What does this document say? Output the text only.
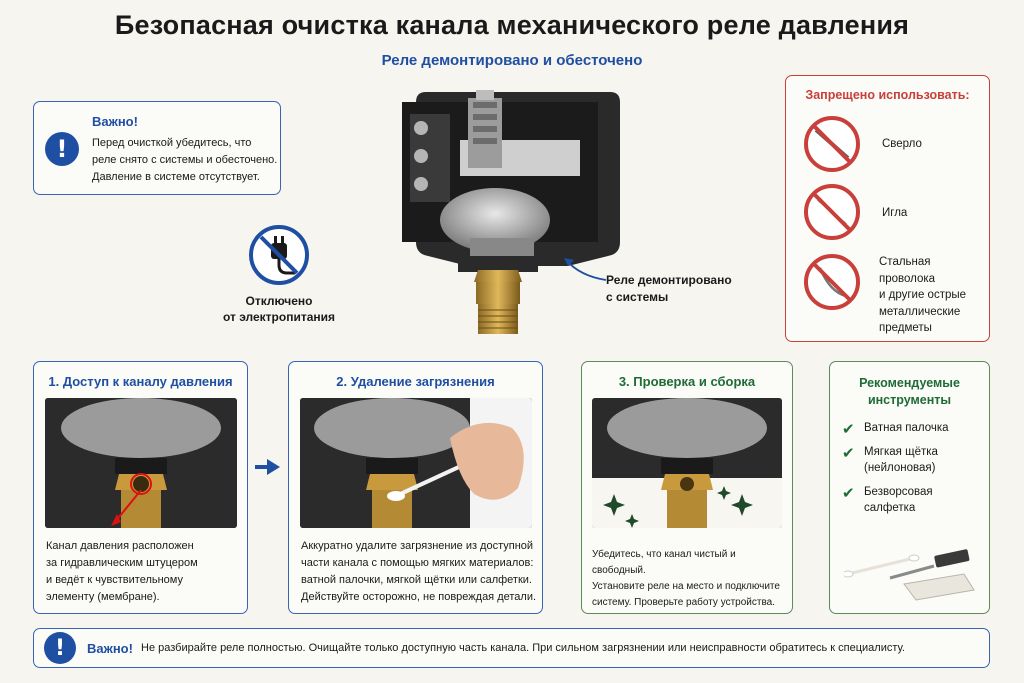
Безопасная очистка канала механического реле давления
Реле демонтировано и обесточено
!
Важно!
Перед очисткой убедитесь, что
реле снято с системы и обесточено.
Давление в системе отсутствует.
Отключено
от электропитания
Реле демонтировано
с системы
Запрещено использовать:
Сверло
Игла
Стальная
проволока
и другие острые
металлические
предметы
1. Доступ к каналу давления
Канал давления расположен
за гидравлическим штуцером
и ведёт к чувствительному
элементу (мембране).
2. Удаление загрязнения
Аккуратно удалите загрязнение из доступной
части канала с помощью мягких материалов:
ватной палочки, мягкой щётки или салфетки.
Действуйте осторожно, не повреждая детали.
3. Проверка и сборка
Убедитесь, что канал чистый и свободный.
Установите реле на место и подключите
систему. Проверьте работу устройства.
Рекомендуемые
инструменты
✔ Ватная палочка
✔ Мягкая щётка
(нейлоновая)
✔ Безворсовая
салфетка
!	Важно! Не разбирайте реле полностью. Очищайте только доступную часть канала. При сильном загрязнении или неисправности обратитесь к специалисту.
